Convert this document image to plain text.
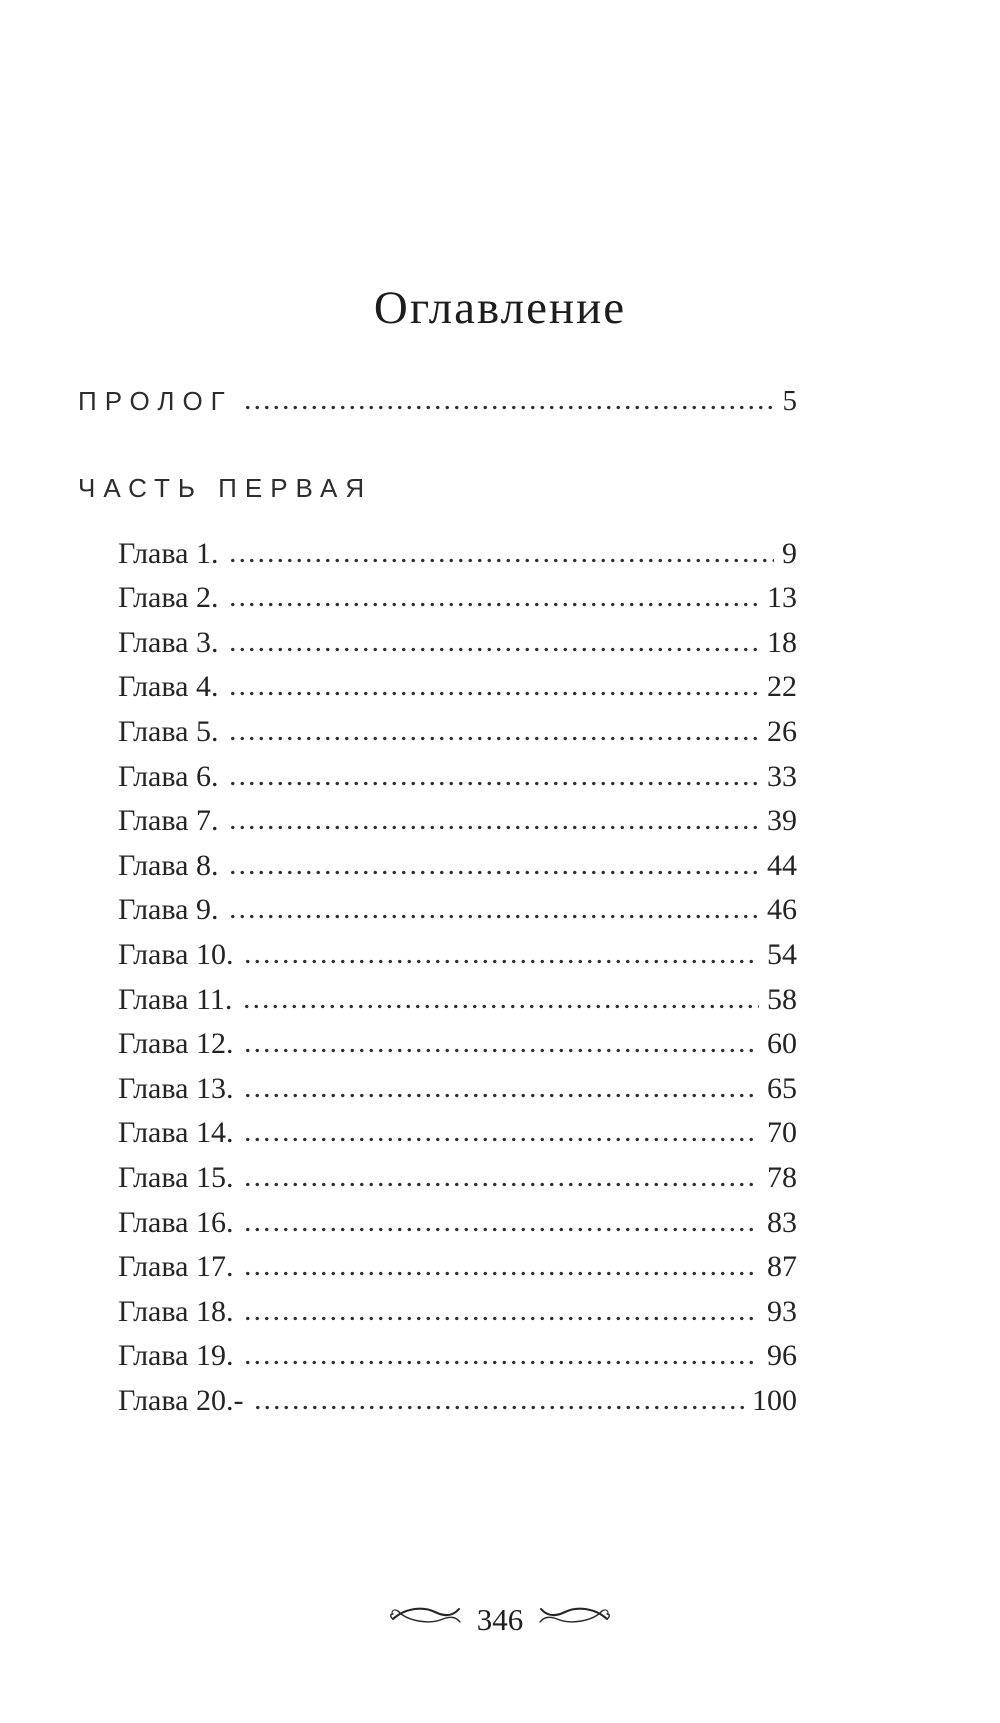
Оглавление
ПРОЛОГ	5
ЧАСТЬ ПЕРВАЯ
Глава 1.	9
Глава 2.	13
Глава 3.	18
Глава 4.	22
Глава 5.	26
Глава 6.	33
Глава 7.	39
Глава 8.	44
Глава 9.	46
Глава 10.	54
Глава 11.	58
Глава 12.	60
Глава 13.	65
Глава 14.	70
Глава 15.	78
Глава 16.	83
Глава 17.	87
Глава 18.	93
Глава 19.	96
Глава 20.-	100
346
